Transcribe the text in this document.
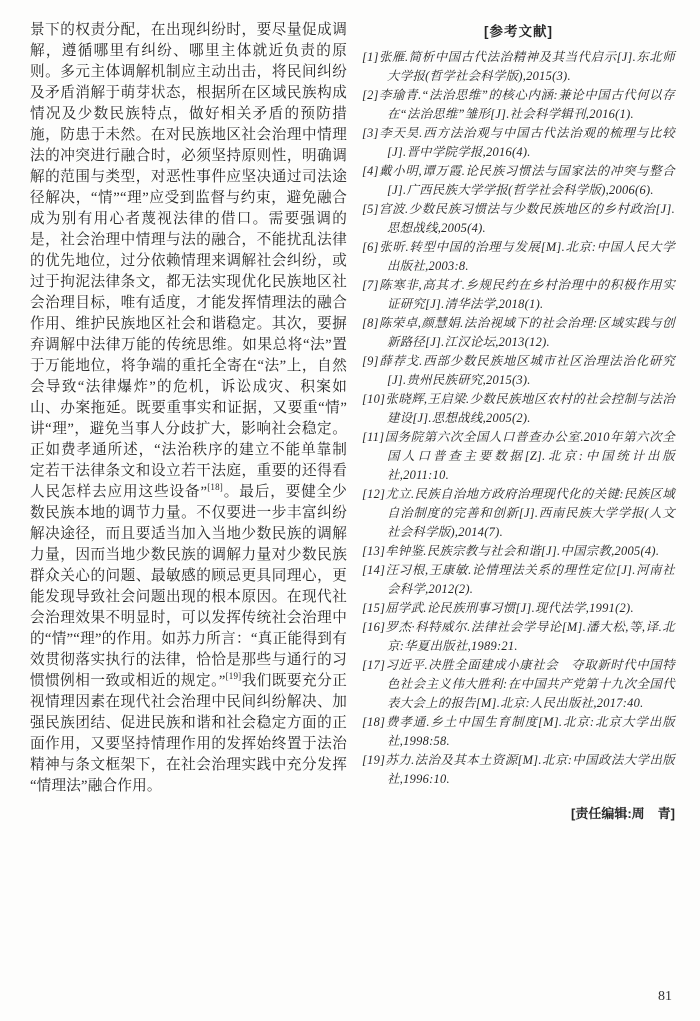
景下的权责分配，在出现纠纷时，要尽量促成调解，遵循哪里有纠纷、哪里主体就近负责的原则。多元主体调解机制应主动出击，将民间纠纷及矛盾消解于萌芽状态，根据所在区域民族构成情况及少数民族特点，做好相关矛盾的预防措施，防患于未然。在对民族地区社会治理中情理法的冲突进行融合时，必须坚持原则性，明确调解的范围与类型，对恶性事件应坚决通过司法途径解决，“情”“理”应受到监督与约束，避免融合成为别有用心者蔑视法律的借口。需要强调的是，社会治理中情理与法的融合，不能扰乱法律的优先地位，过分依赖情理来调解社会纠纷，或过于拘泥法律条文，都无法实现优化民族地区社会治理目标，唯有适度，才能发挥情理法的融合作用、维护民族地区社会和谐稳定。其次，要摒弃调解中法律万能的传统思维。如果总将“法”置于万能地位，将争端的重托全寄在“法”上，自然会导致“法律爆炸”的危机，诉讼成灾、积案如山、办案拖延。既要重事实和证据，又要重“情”讲“理”，避免当事人分歧扩大，影响社会稳定。正如费孝通所述，“法治秩序的建立不能单靠制定若干法律条文和设立若干法庭，重要的还得看人民怎样去应用这些设备”[18]。最后，要健全少数民族本地的调节力量。不仅要进一步丰富纠纷解决途径，而且要适当加入当地少数民族的调解力量，因而当地少数民族的调解力量对少数民族群众关心的问题、最敏感的顾忌更具同理心，更能发现导致社会问题出现的根本原因。在现代社会治理效果不明显时，可以发挥传统社会治理中的“情”“理”的作用。如苏力所言：“真正能得到有效贯彻落实执行的法律，恰恰是那些与通行的习惯惯例相一致或相近的规定。”[19]我们既要充分正视情理因素在现代社会治理中民间纠纷解决、加强民族团结、促进民族和谐和社会稳定方面的正面作用，又要坚持情理作用的发挥始终置于法治精神与条文框架下，在社会治理实践中充分发挥“情理法”融合作用。

[参考文献]
[1]张雁.简析中国古代法治精神及其当代启示[J].东北师大学报(哲学社会科学版),2015(3).
[2]李瑜青.“法治思维”的核心内涵:兼论中国古代何以存在“法治思维”雏形[J].社会科学辑刊,2016(1).
[3]李天昊.西方法治观与中国古代法治观的梳理与比较[J].晋中学院学报,2016(4).
[4]戴小明,谭万霞.论民族习惯法与国家法的冲突与整合[J].广西民族大学学报(哲学社会科学版),2006(6).
[5]宫波.少数民族习惯法与少数民族地区的乡村政治[J].思想战线,2005(4).
[6]张昕.转型中国的治理与发展[M].北京:中国人民大学出版社,2003:8.
[7]陈寒非,高其才.乡规民约在乡村治理中的积极作用实证研究[J].清华法学,2018(1).
[8]陈荣卓,颜慧娟.法治视域下的社会治理:区域实践与创新路径[J].江汉论坛,2013(12).
[9]薛荐戈.西部少数民族地区城市社区治理法治化研究[J].贵州民族研究,2015(3).
[10]张晓辉,王启梁.少数民族地区农村的社会控制与法治建设[J].思想战线,2005(2).
[11]国务院第六次全国人口普查办公室.2010年第六次全国人口普查主要数据[Z].北京:中国统计出版社,2011:10.
[12]尤立.民族自治地方政府治理现代化的关键:民族区域自治制度的完善和创新[J].西南民族大学学报(人文社会科学版),2014(7).
[13]牟钟鉴.民族宗教与社会和谐[J].中国宗教,2005(4).
[14]汪习根,王康敏.论情理法关系的理性定位[J].河南社会科学,2012(2).
[15]屈学武.论民族刑事习惯[J].现代法学,1991(2).
[16]罗杰·科特威尔.法律社会学导论[M].潘大松,等,译.北京:华夏出版社,1989:21.
[17]习近平.决胜全面建成小康社会　夺取新时代中国特色社会主义伟大胜利:在中国共产党第十九次全国代表大会上的报告[M].北京:人民出版社,2017:40.
[18]费孝通.乡土中国生育制度[M].北京:北京大学出版社,1998:58.
[19]苏力.法治及其本土资源[M].北京:中国政法大学出版社,1996:10.
[责任编辑:周　青]
81
